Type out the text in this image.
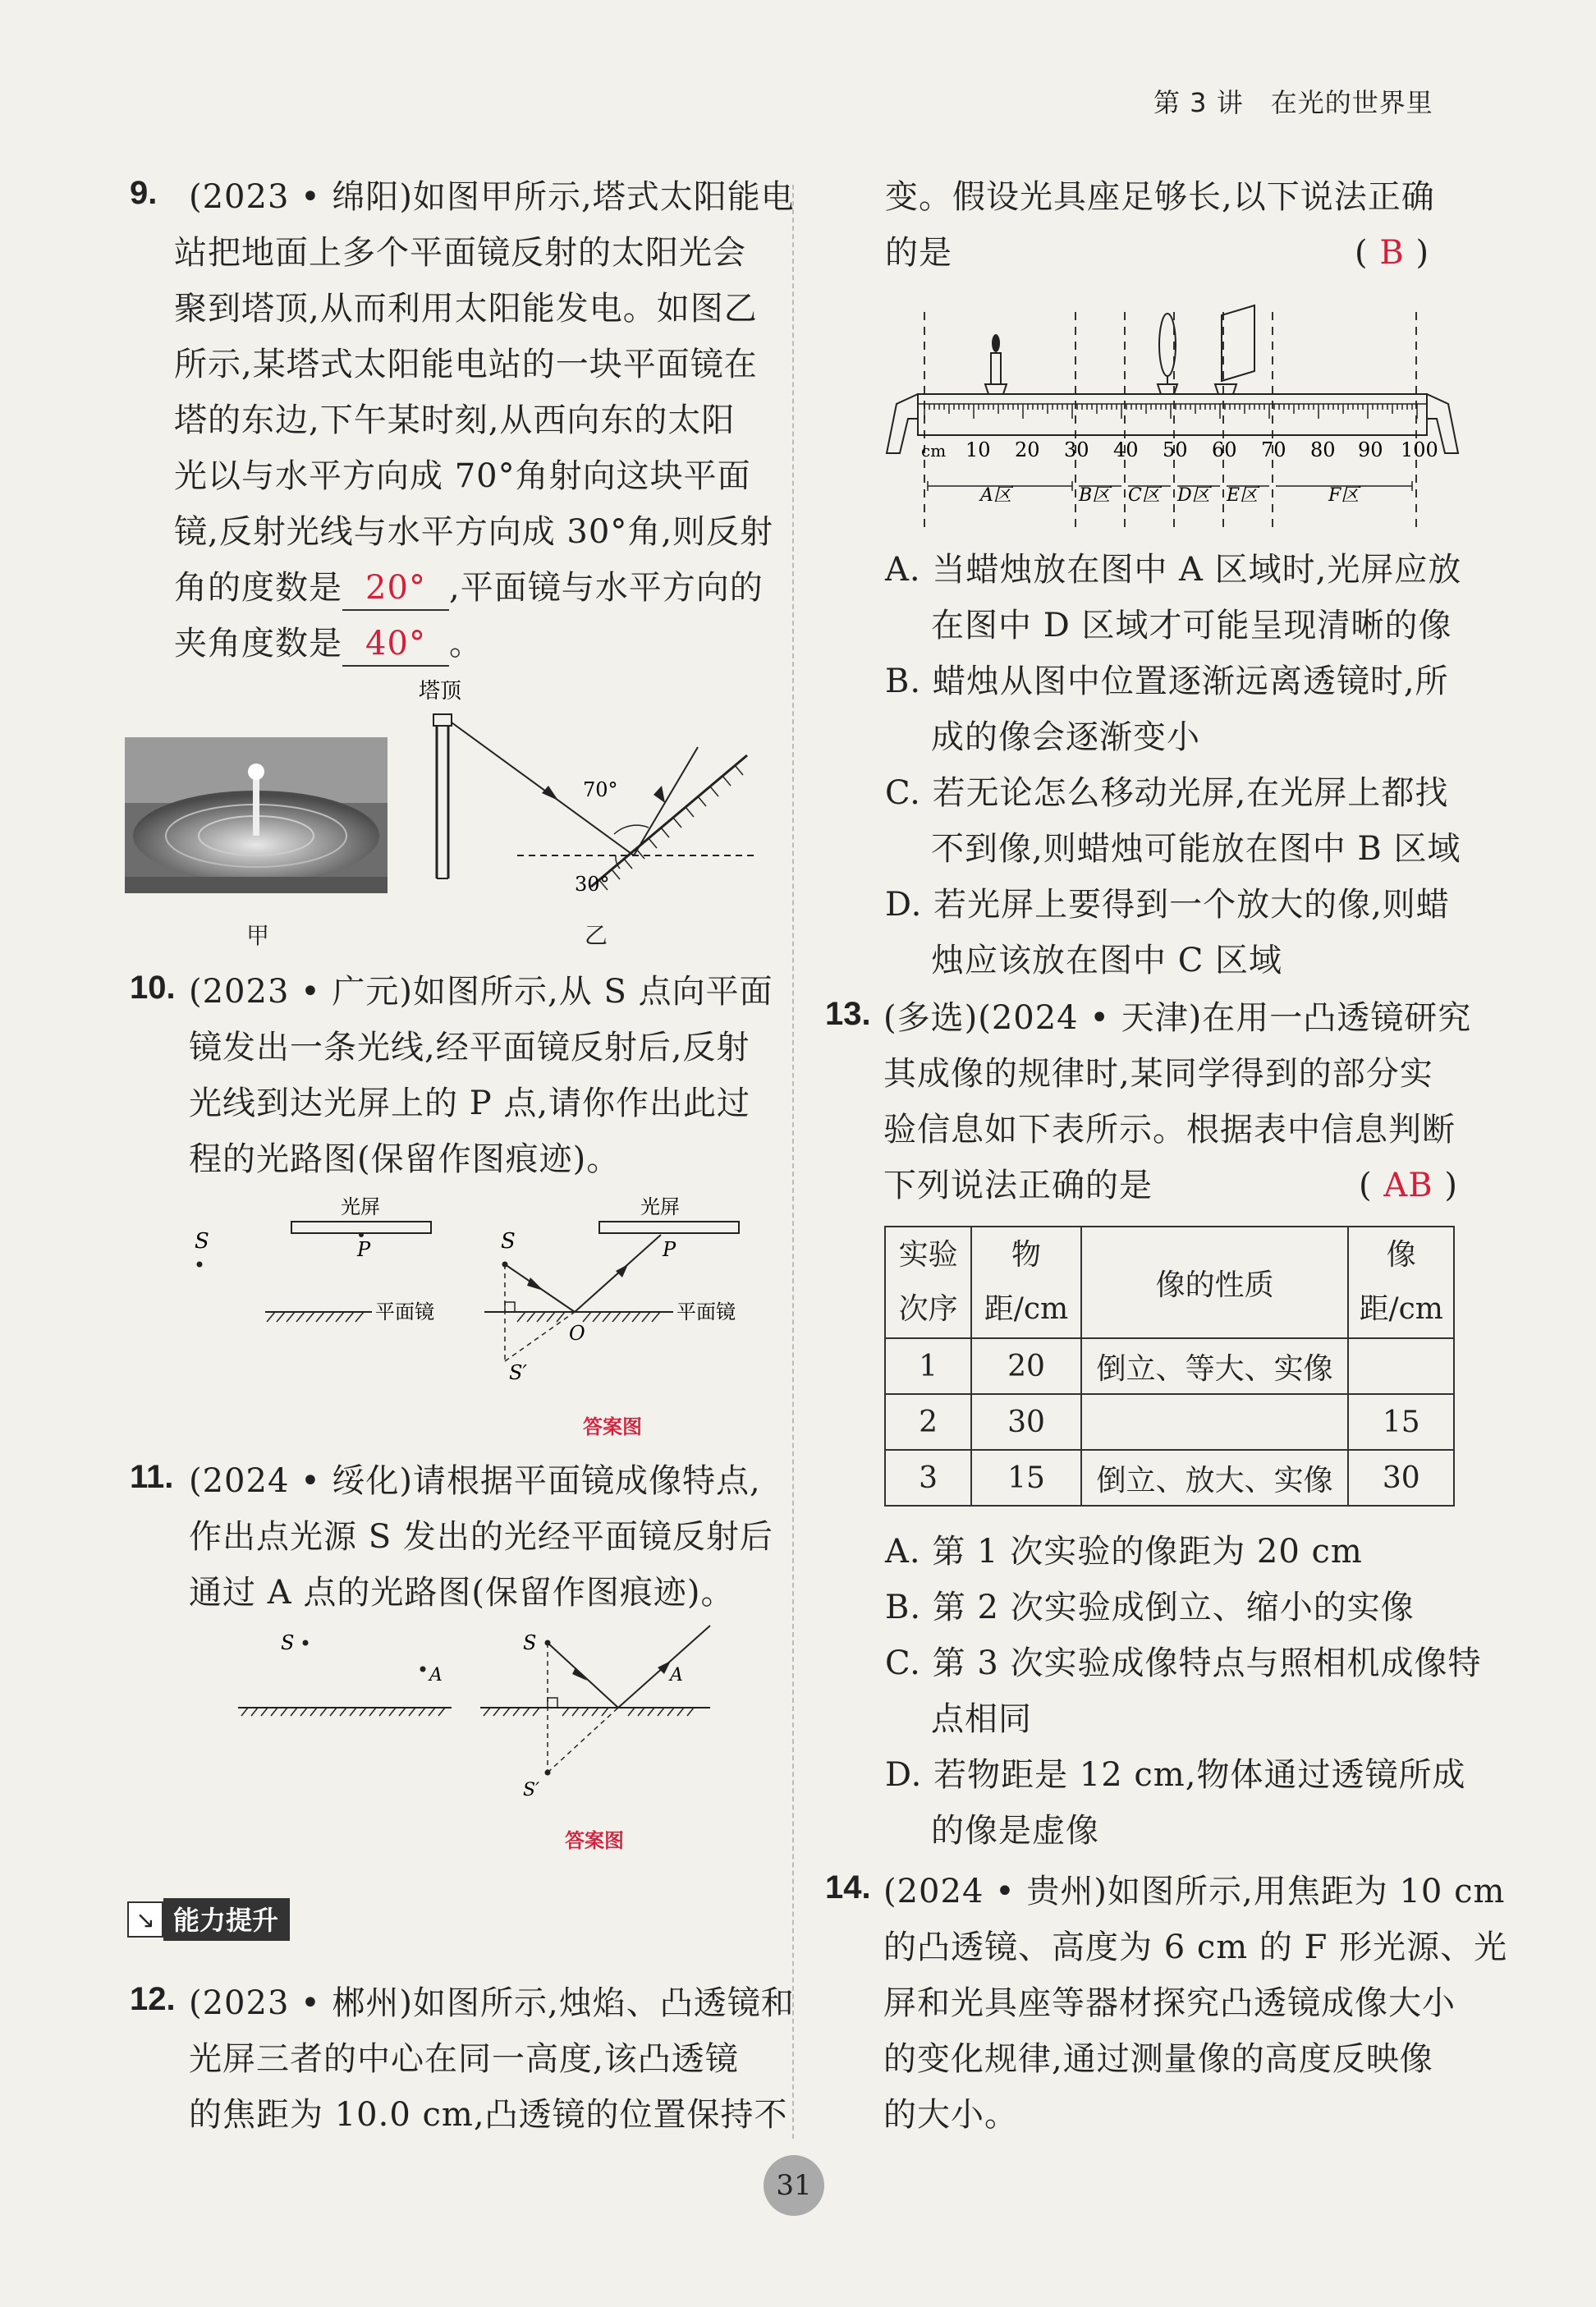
第 3 讲　在光的世界里
9. (2023 • 绵阳)如图甲所示,塔式太阳能电
站把地面上多个平面镜反射的太阳光会
聚到塔顶,从而利用太阳能发电。如图乙
所示,某塔式太阳能电站的一块平面镜在
塔的东边,下午某时刻,从西向东的太阳
光以与水平方向成 70°角射向这块平面
镜,反射光线与水平方向成 30°角,则反射
角的度数是 20° ,平面镜与水平方向的
夹角度数是 40° 。
甲
塔顶
70°
30°
乙
10. (2023 • 广元)如图所示,从 S 点向平面
镜发出一条光线,经平面镜反射后,反射
光线到达光屏上的 P 点,请你作出此过
程的光路图(保留作图痕迹)。
光屏
P
S
平面镜
光屏
P
S
平面镜
O
S′
答案图
11. (2024 • 绥化)请根据平面镜成像特点,
作出点光源 S 发出的光经平面镜反射后
通过 A 点的光路图(保留作图痕迹)。
S
A
S
A
S′
答案图
↘ 能力提升
12. (2023 • 郴州)如图所示,烛焰、凸透镜和
光屏三者的中心在同一高度,该凸透镜
的焦距为 10.0 cm,凸透镜的位置保持不
变。假设光具座足够长,以下说法正确
的是	( B )
cm 10 20 30 40 50 60 70 80 90 100
A区	B区 C区 D区 E区	F区
A. 当蜡烛放在图中 A 区域时,光屏应放
在图中 D 区域才可能呈现清晰的像
B. 蜡烛从图中位置逐渐远离透镜时,所
成的像会逐渐变小
C. 若无论怎么移动光屏,在光屏上都找
不到像,则蜡烛可能放在图中 B 区域
D. 若光屏上要得到一个放大的像,则蜡
烛应该放在图中 C 区域
13. (多选)(2024 • 天津)在用一凸透镜研究
其成像的规律时,某同学得到的部分实
验信息如下表所示。根据表中信息判断
下列说法正确的是	( AB )
实验次序	物距/cm	像的性质	像距/cm
1	20	倒立、等大、实像	
2	30		15
3	15	倒立、放大、实像	30
A. 第 1 次实验的像距为 20 cm
B. 第 2 次实验成倒立、缩小的实像
C. 第 3 次实验成像特点与照相机成像特
点相同
D. 若物距是 12 cm,物体通过透镜所成
的像是虚像
14. (2024 • 贵州)如图所示,用焦距为 10 cm
的凸透镜、高度为 6 cm 的 F 形光源、光
屏和光具座等器材探究凸透镜成像大小
的变化规律,通过测量像的高度反映像
的大小。
31
